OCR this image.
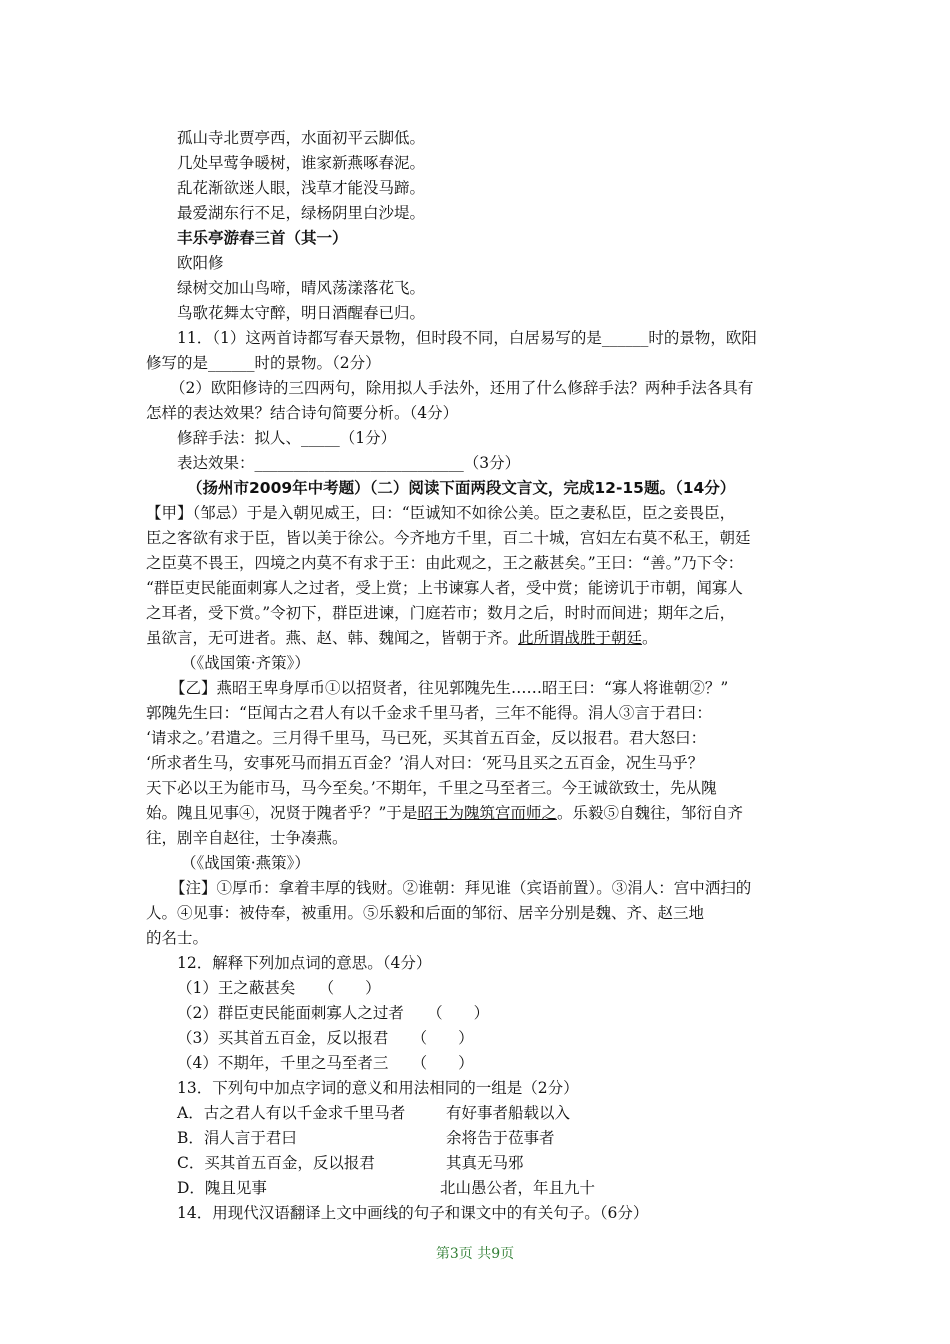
孤山寺北贾亭西，水面初平云脚低。
几处早莺争暖树，谁家新燕啄春泥。
乱花渐欲迷人眼，浅草才能没马蹄。
最爱湖东行不足，绿杨阴里白沙堤。
丰乐亭游春三首（其一）
欧阳修
绿树交加山鸟啼，晴风荡漾落花飞。
鸟歌花舞太守醉，明日酒醒春已归。
11．（1）这两首诗都写春天景物，但时段不同，白居易写的是______时的景物，欧阳
修写的是______时的景物。（2分）
（2）欧阳修诗的三四两句，除用拟人手法外，还用了什么修辞手法？两种手法各具有
怎样的表达效果？结合诗句简要分析。（4分）
修辞手法：拟人、_____（1分）
表达效果：___________________________（3分）
（扬州市2009年中考题）（二）阅读下面两段文言文，完成12-15题。（14分）
【甲】（邹忌）于是入朝见威王，曰：“臣诚知不如徐公美。臣之妻私臣，臣之妾畏臣，
臣之客欲有求于臣，皆以美于徐公。今齐地方千里，百二十城，宫妇左右莫不私王，朝廷
之臣莫不畏王，四境之内莫不有求于王：由此观之，王之蔽甚矣。”王曰：“善。”乃下令：
“群臣吏民能面刺寡人之过者，受上赏；上书谏寡人者，受中赏；能谤讥于市朝，闻寡人
之耳者，受下赏。”令初下，群臣进谏，门庭若市；数月之后，时时而间进；期年之后，
虽欲言，无可进者。燕、赵、韩、魏闻之，皆朝于齐。此所谓战胜于朝廷。
（《战国策·齐策》）
【乙】燕昭王卑身厚币①以招贤者，往见郭隗先生……昭王曰：“寡人将谁朝②？”
郭隗先生曰：“臣闻古之君人有以千金求千里马者，三年不能得。涓人③言于君曰：
‘请求之。’君遣之。三月得千里马，马已死，买其首五百金，反以报君。君大怒曰：
‘所求者生马，安事死马而捐五百金？’涓人对曰：‘死马且买之五百金，况生马乎？
天下必以王为能市马，马今至矣。’不期年，千里之马至者三。今王诚欲致士，先从隗
始。隗且见事④，况贤于隗者乎？”于是昭王为隗筑宫而师之。乐毅⑤自魏往，邹衍自齐
往，剧辛自赵往，士争凑燕。
（《战国策·燕策》）
【注】①厚币：拿着丰厚的钱财。②谁朝：拜见谁（宾语前置）。③涓人：宫中洒扫的
人。④见事：被侍奉，被重用。⑤乐毅和后面的邹衍、居辛分别是魏、齐、赵三地
的名士。
12．解释下列加点词的意思。（4分）
（1）王之蔽甚矣　　（　　）
（2）群臣吏民能面刺寡人之过者　　（　　）
（3）买其首五百金，反以报君　　（　　）
（4）不期年，千里之马至者三　　（　　）
13．下列句中加点字词的意义和用法相同的一组是（2分）
A．古之君人有以千金求千里马者	有好事者船载以入
B．涓人言于君曰	余将告于莅事者
C．买其首五百金，反以报君	其真无马邪
D．隗且见事	北山愚公者，年且九十
14．用现代汉语翻译上文中画线的句子和课文中的有关句子。（6分）
第3页 共9页
